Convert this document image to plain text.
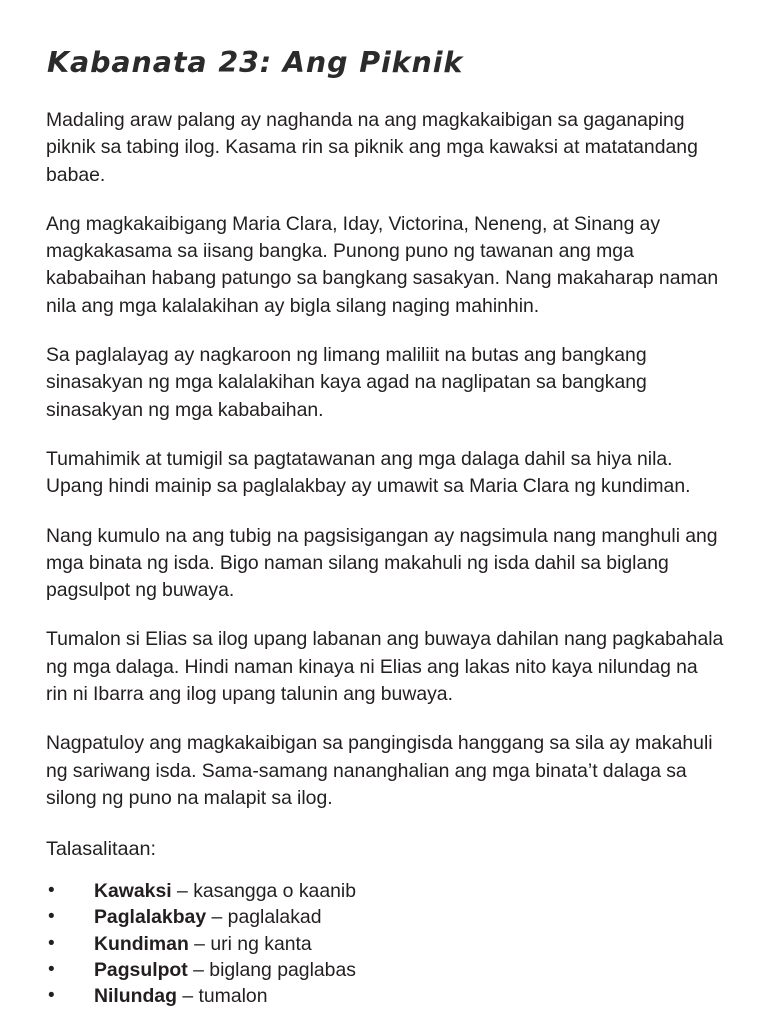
Kabanata 23: Ang Piknik

Madaling araw palang ay naghanda na ang magkakaibigan sa gaganaping piknik sa tabing ilog. Kasama rin sa piknik ang mga kawaksi at matatandang babae.

Ang magkakaibigang Maria Clara, Iday, Victorina, Neneng, at Sinang ay magkakasama sa iisang bangka. Punong puno ng tawanan ang mga kababaihan habang patungo sa bangkang sasakyan. Nang makaharap naman nila ang mga kalalakihan ay bigla silang naging mahinhin.

Sa paglalayag ay nagkaroon ng limang maliliit na butas ang bangkang sinasakyan ng mga kalalakihan kaya agad na naglipatan sa bangkang sinasakyan ng mga kababaihan.

Tumahimik at tumigil sa pagtatawanan ang mga dalaga dahil sa hiya nila. Upang hindi mainip sa paglalakbay ay umawit sa Maria Clara ng kundiman.

Nang kumulo na ang tubig na pagsisigangan ay nagsimula nang manghuli ang mga binata ng isda. Bigo naman silang makahuli ng isda dahil sa biglang pagsulpot ng buwaya.

Tumalon si Elias sa ilog upang labanan ang buwaya dahilan nang pagkabahala ng mga dalaga. Hindi naman kinaya ni Elias ang lakas nito kaya nilundag na rin ni Ibarra ang ilog upang talunin ang buwaya.

Nagpatuloy ang magkakaibigan sa pangingisda hanggang sa sila ay makahuli ng sariwang isda. Sama-samang nananghalian ang mga binata’t dalaga sa silong ng puno na malapit sa ilog.

Talasalitaan:

• Kawaksi – kasangga o kaanib
• Paglalakbay – paglalakad
• Kundiman – uri ng kanta
• Pagsulpot – biglang paglabas
• Nilundag – tumalon
